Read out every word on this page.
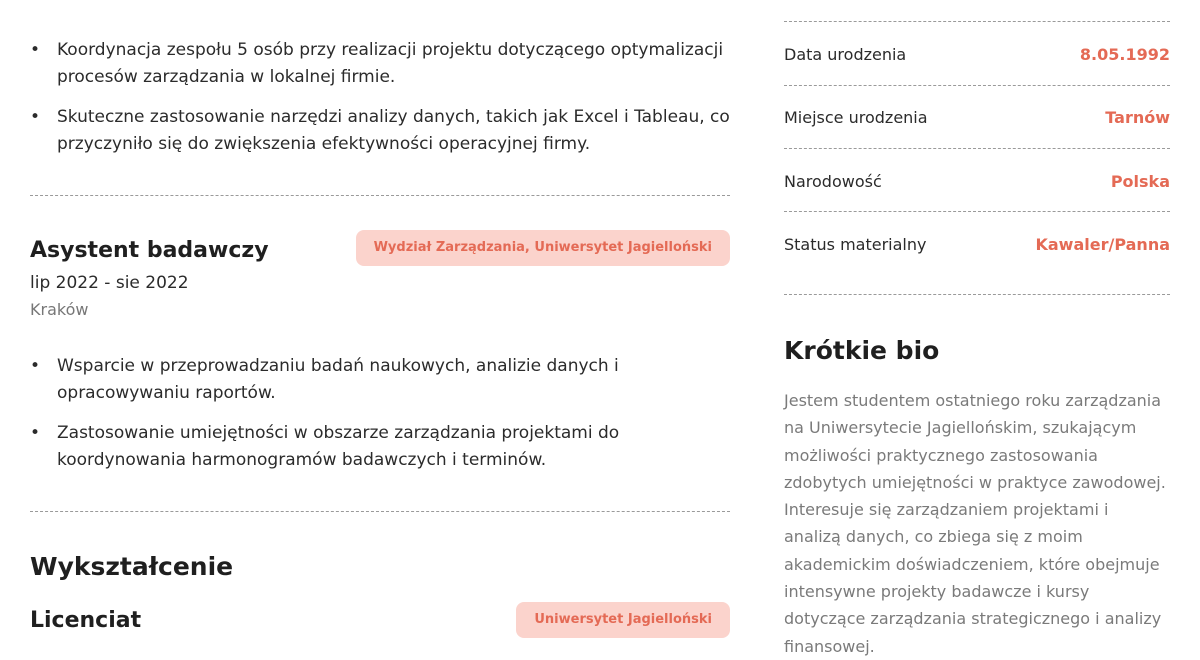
• Koordynacja zespołu 5 osób przy realizacji projektu dotyczącego optymalizacji procesów zarządzania w lokalnej firmie.
• Skuteczne zastosowanie narzędzi analizy danych, takich jak Excel i Tableau, co przyczyniło się do zwiększenia efektywności operacyjnej firmy.
Asystent badawczy	Wydział Zarządzania, Uniwersytet Jagielloński
lip 2022 - sie 2022
Kraków
• Wsparcie w przeprowadzaniu badań naukowych, analizie danych i opracowywaniu raportów.
• Zastosowanie umiejętności w obszarze zarządzania projektami do koordynowania harmonogramów badawczych i terminów.
Wykształcenie
Licenciat	Uniwersytet Jagielloński
Data urodzenia	8.05.1992
Miejsce urodzenia	Tarnów
Narodowość	Polska
Status materialny	Kawaler/Panna
Krótkie bio

Jestem studentem ostatniego roku zarządzania na Uniwersytecie Jagiellońskim, szukającym możliwości praktycznego zastosowania zdobytych umiejętności w praktyce zawodowej. Interesuje się zarządzaniem projektami i analizą danych, co zbiega się z moim akademickim doświadczeniem, które obejmuje intensywne projekty badawcze i kursy dotyczące zarządzania strategicznego i analizy finansowej.
